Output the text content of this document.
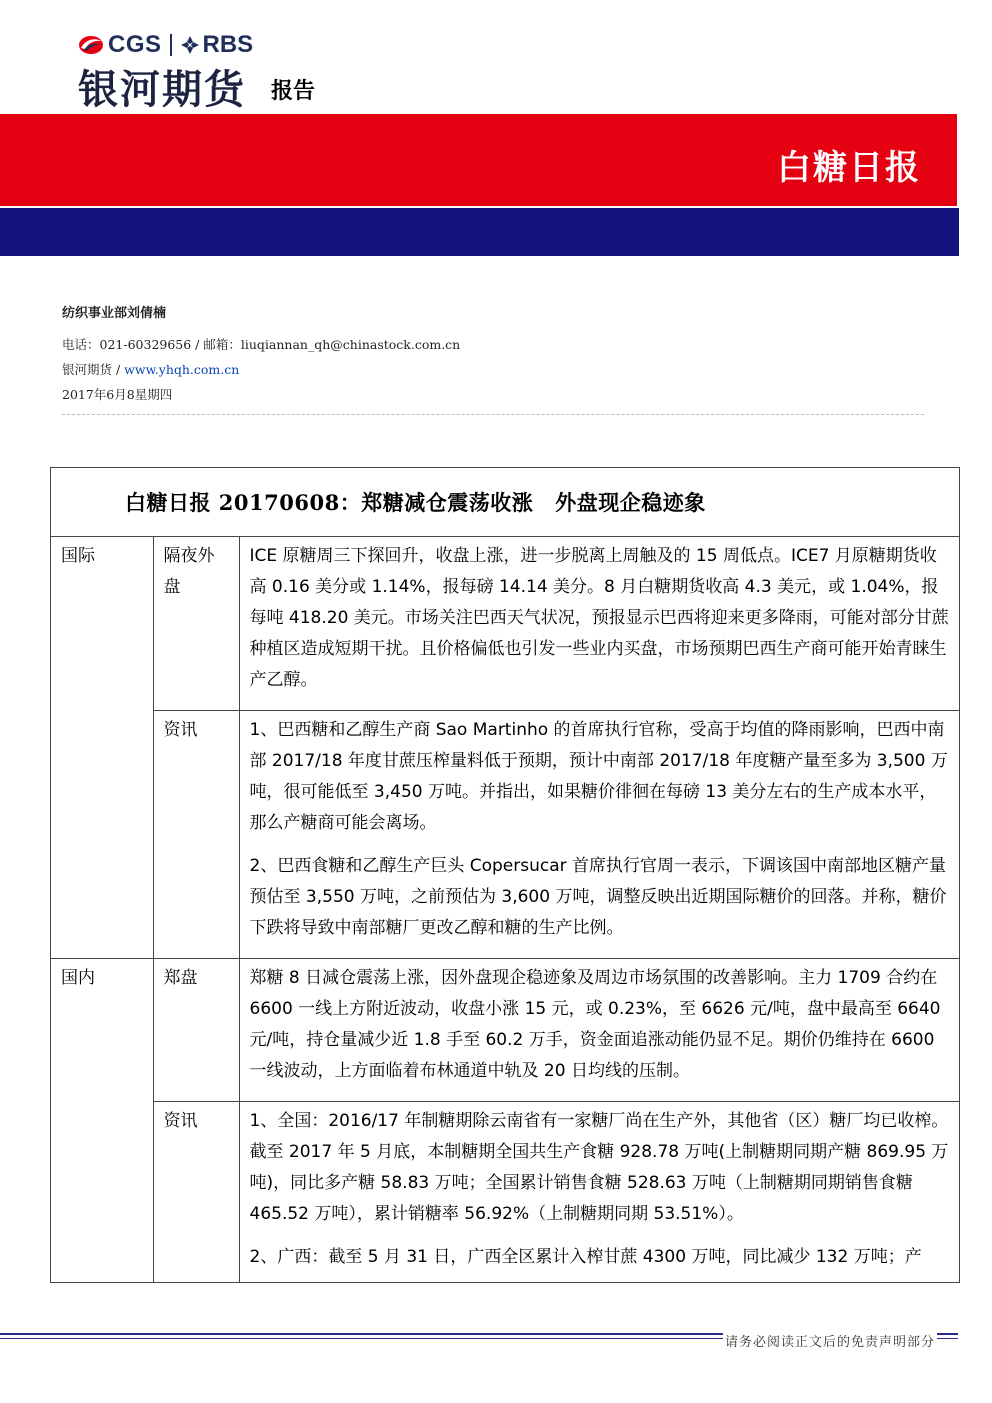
CGS RBS
银河期货 报告
白糖日报
纺织事业部刘倩楠
电话：021-60329656 / 邮箱：liuqiannan_qh@chinastock.com.cn
银河期货 / www.yhqh.com.cn
2017年6月8星期四
白糖日报 20170608：郑糖减仓震荡收涨 外盘现企稳迹象
国际	隔夜外盘	ICE 原糖周三下探回升，收盘上涨，进一步脱离上周触及的 15 周低点。ICE7 月原糖期货收高 0.16 美分或 1.14%，报每磅 14.14 美分。8 月白糖期货收高 4.3 美元，或 1.04%，报每吨 418.20 美元。市场关注巴西天气状况，预报显示巴西将迎来更多降雨，可能对部分甘蔗种植区造成短期干扰。且价格偏低也引发一些业内买盘，市场预期巴西生产商可能开始青睐生产乙醇。

	资讯	1、巴西糖和乙醇生产商 Sao Martinho 的首席执行官称，受高于均值的降雨影响，巴西中南部 2017/18 年度甘蔗压榨量料低于预期，预计中南部 2017/18 年度糖产量至多为 3,500 万吨，很可能低至 3,450 万吨。并指出，如果糖价徘徊在每磅 13 美分左右的生产成本水平，那么产糖商可能会离场。

2、巴西食糖和乙醇生产巨头 Copersucar 首席执行官周一表示，下调该国中南部地区糖产量预估至 3,550 万吨，之前预估为 3,600 万吨，调整反映出近期国际糖价的回落。并称，糖价下跌将导致中南部糖厂更改乙醇和糖的生产比例。

国内	郑盘	郑糖 8 日减仓震荡上涨，因外盘现企稳迹象及周边市场氛围的改善影响。主力 1709 合约在 6600 一线上方附近波动，收盘小涨 15 元，或 0.23%，至 6626 元/吨，盘中最高至 6640 元/吨，持仓量减少近 1.8 手至 60.2 万手，资金面追涨动能仍显不足。期价仍维持在 6600 一线波动，上方面临着布林通道中轨及 20 日均线的压制。

	资讯	1、全国：2016/17 年制糖期除云南省有一家糖厂尚在生产外，其他省（区）糖厂均已收榨。截至 2017 年 5 月底，本制糖期全国共生产食糖 928.78 万吨(上制糖期同期产糖 869.95 万吨)，同比多产糖 58.83 万吨；全国累计销售食糖 528.63 万吨（上制糖期同期销售食糖 465.52 万吨），累计销糖率 56.92%（上制糖期同期 53.51%）。

2、广西：截至 5 月 31 日，广西全区累计入榨甘蔗 4300 万吨，同比减少 132 万吨；产

请务必阅读正文后的免责声明部分
